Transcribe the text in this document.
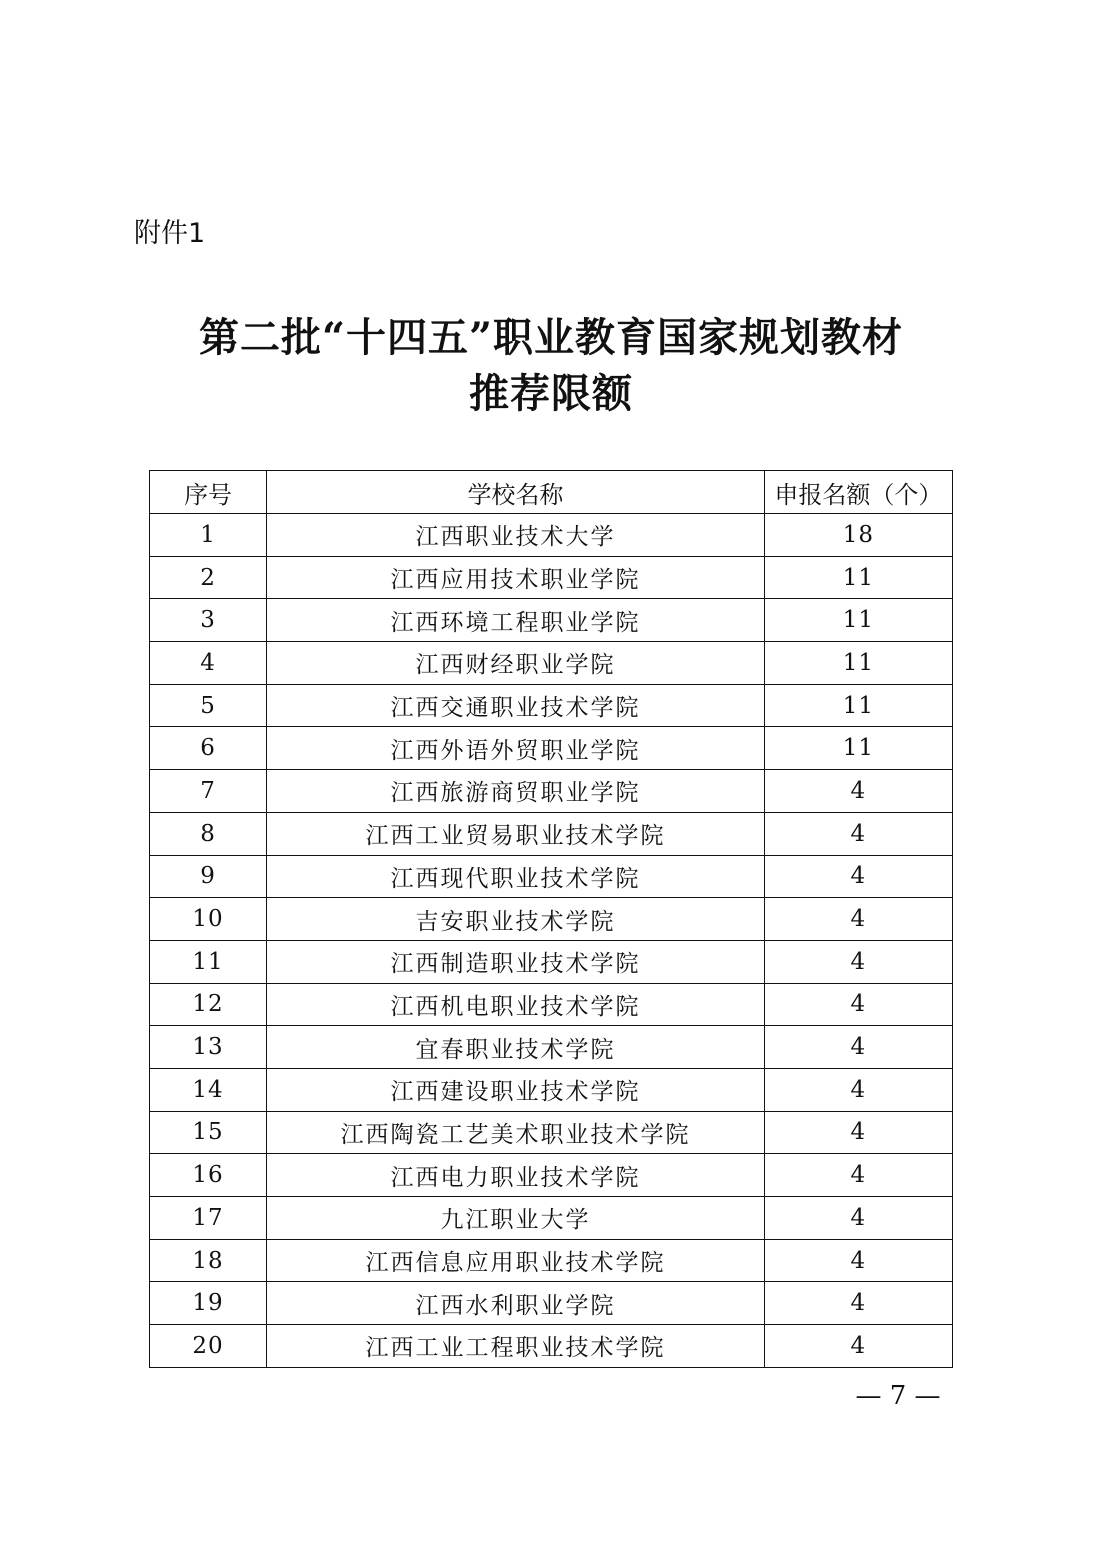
附件1
第二批“十四五”职业教育国家规划教材
推荐限额
序号	学校名称	申报名额（个）
1	江西职业技术大学	18
2	江西应用技术职业学院	11
3	江西环境工程职业学院	11
4	江西财经职业学院	11
5	江西交通职业技术学院	11
6	江西外语外贸职业学院	11
7	江西旅游商贸职业学院	4
8	江西工业贸易职业技术学院	4
9	江西现代职业技术学院	4
10	吉安职业技术学院	4
11	江西制造职业技术学院	4
12	江西机电职业技术学院	4
13	宜春职业技术学院	4
14	江西建设职业技术学院	4
15	江西陶瓷工艺美术职业技术学院	4
16	江西电力职业技术学院	4
17	九江职业大学	4
18	江西信息应用职业技术学院	4
19	江西水利职业学院	4
20	江西工业工程职业技术学院	4
— 7 —
